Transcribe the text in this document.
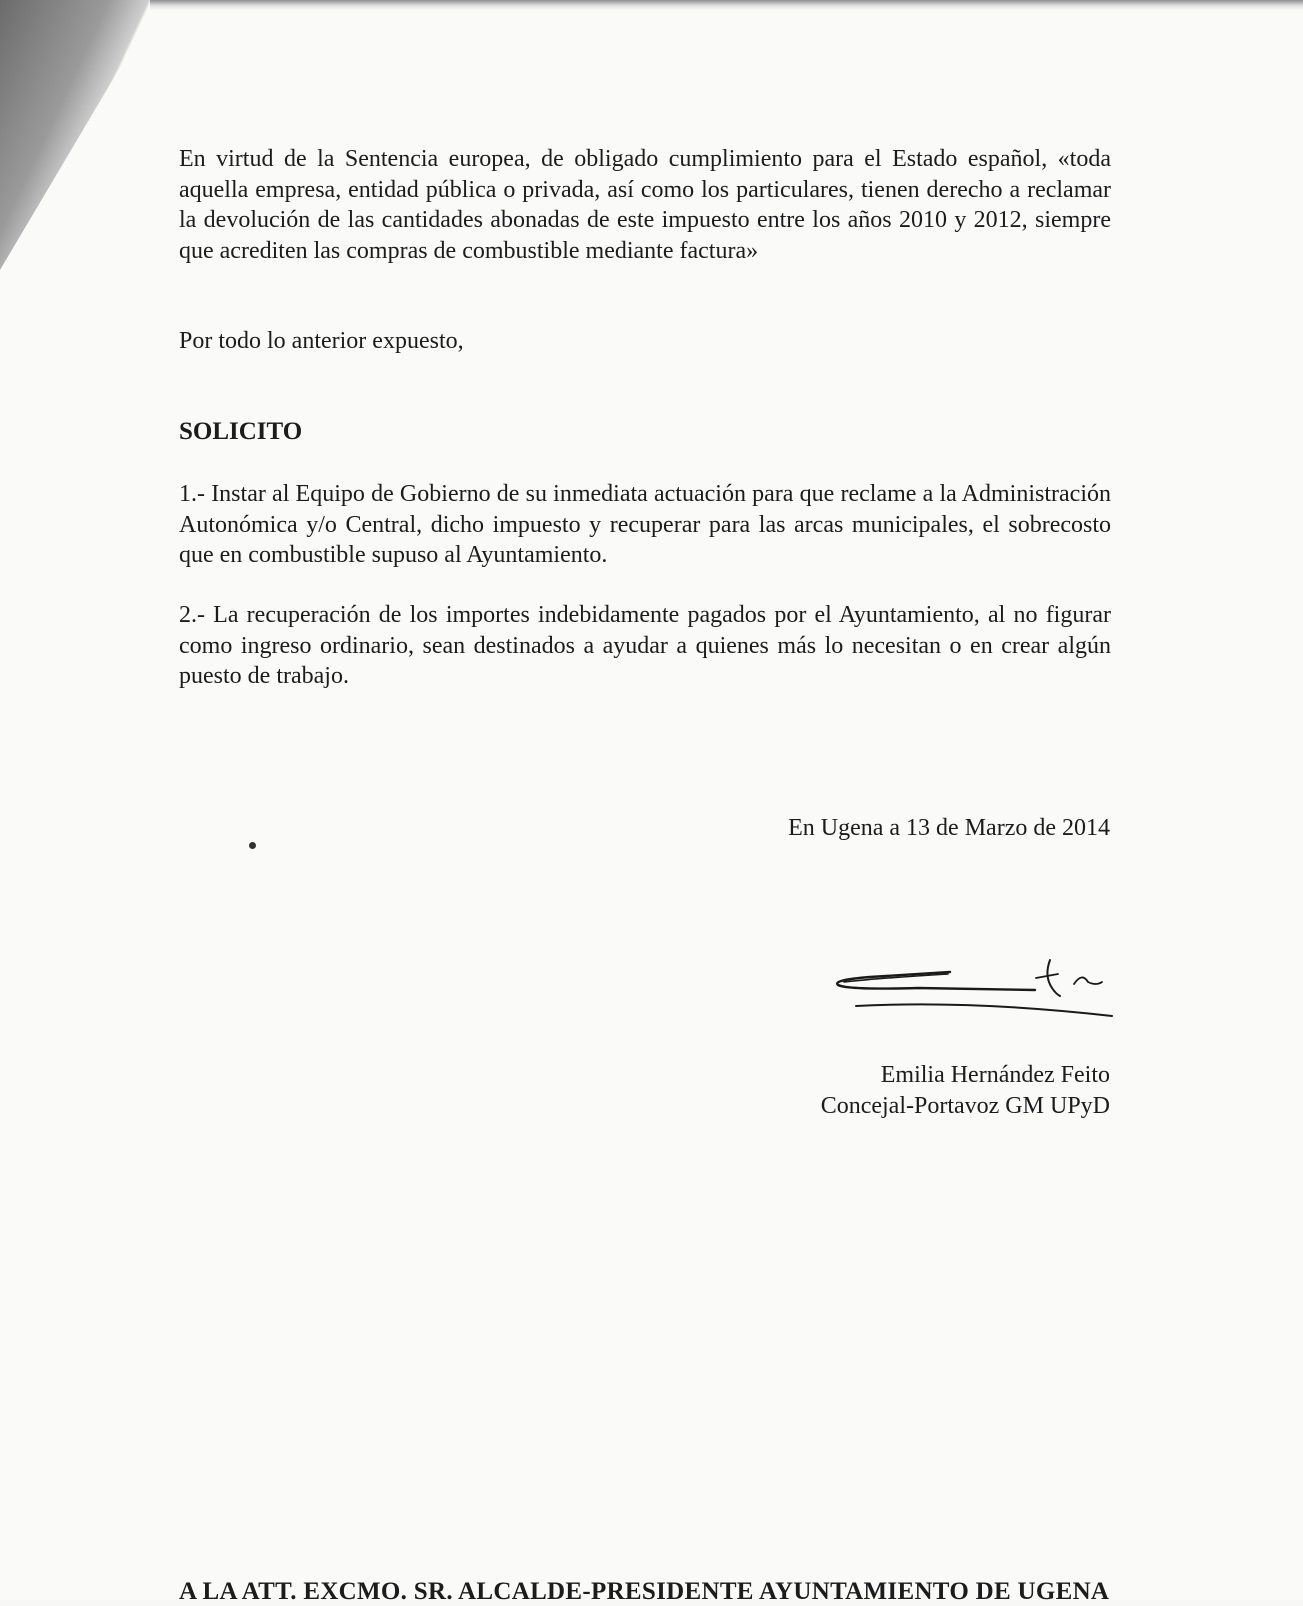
En virtud de la Sentencia europea, de obligado cumplimiento para el Estado español, «toda aquella empresa, entidad pública o privada, así como los particulares, tienen derecho a reclamar la devolución de las cantidades abonadas de este impuesto entre los años 2010 y 2012, siempre que acrediten las compras de combustible mediante factura»

Por todo lo anterior expuesto,

SOLICITO

1.- Instar al Equipo de Gobierno de su inmediata actuación para que reclame a la Administración Autonómica y/o Central, dicho impuesto y recuperar para las arcas municipales, el sobrecosto que en combustible supuso al Ayuntamiento.

2.- La recuperación de los importes indebidamente pagados por el Ayuntamiento, al no figurar como ingreso ordinario, sean destinados a ayudar a quienes más lo necesitan o en crear algún puesto de trabajo.

En Ugena a 13 de Marzo de 2014

Emilia Hernández Feito

Concejal-Portavoz GM UPyD

A LA ATT. EXCMO. SR. ALCALDE-PRESIDENTE AYUNTAMIENTO DE UGENA
